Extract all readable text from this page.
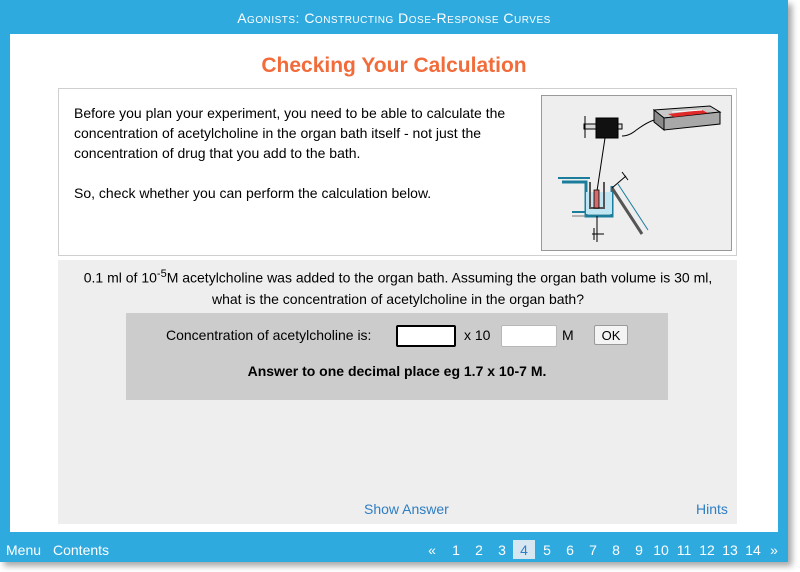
Agonists: Constructing Dose-Response Curves
Checking Your Calculation

Before you plan your experiment, you need to be able to calculate the concentration of acetylcholine in the organ bath itself - not just the concentration of drug that you add to the bath.

So, check whether you can perform the calculation below.

0.1 ml of $10^{-5}M$ acetylcholine was added to the organ bath. Assuming the organ bath volume is 30 ml, what is the concentration of acetylcholine in the organ bath?
Concentration of acetylcholine is:	x 10	M	OK
Answer to one decimal place eg 1.7 x 10-7 M.
Show Answer	Hints
Menu Contents	«	1	2	3	4	5	6	7	8	9 10 11 12 13 14 »
